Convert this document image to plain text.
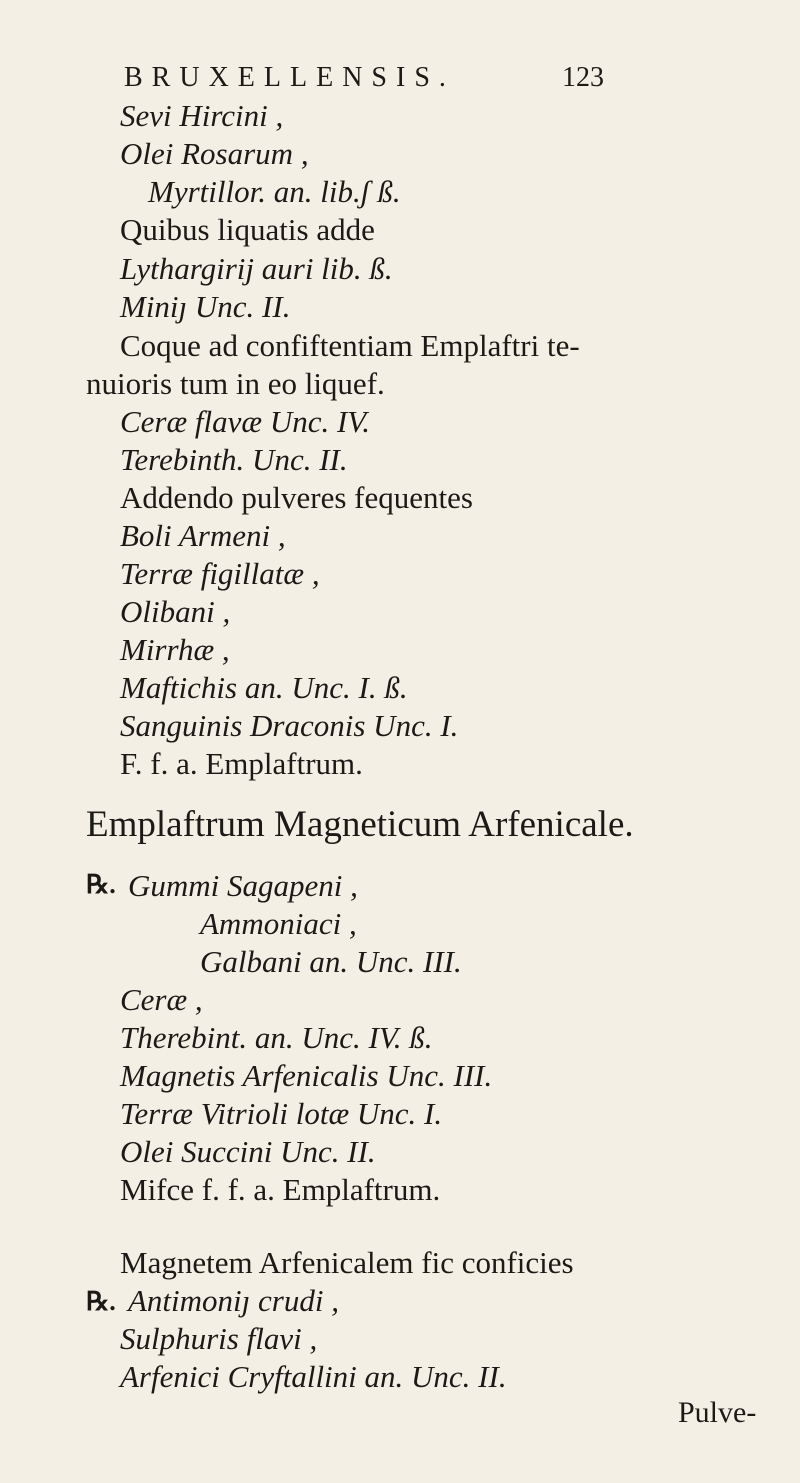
BRUXELLENSIS.	123
Sevi Hircini ,
Olei Rosarum ,
Myrtillor. an. lib.ʃ ß.
Quibus liquatis adde
Lythargirij auri lib. ß.
Miniȷ Unc. II.
Coque ad confiftentiam Emplaftri te-
nuioris tum in eo liquef.
Ceræ flavæ Unc. IV.
Terebinth. Unc. II.
Addendo pulveres fequentes
Boli Armeni ,
Terræ figillatæ ,
Olibani ,
Mirrhæ ,
Maftichis an. Unc. I. ß.
Sanguinis Draconis Unc. I.
F. f. a. Emplaftrum.
Emplaftrum Magneticum Arfenicale.
℞. Gummi Sagapeni ,
Ammoniaci ,
Galbani an. Unc. III.
Ceræ ,
Therebint. an. Unc. IV. ß.
Magnetis Arfenicalis Unc. III.
Terræ Vitrioli lotæ Unc. I.
Olei Succini Unc. II.
Mifce f. f. a. Emplaftrum.
Magnetem Arfenicalem fic conficies
℞. Antimoniȷ crudi ,
Sulphuris flavi ,
Arfenici Cryftallini an. Unc. II.
Pulve-
